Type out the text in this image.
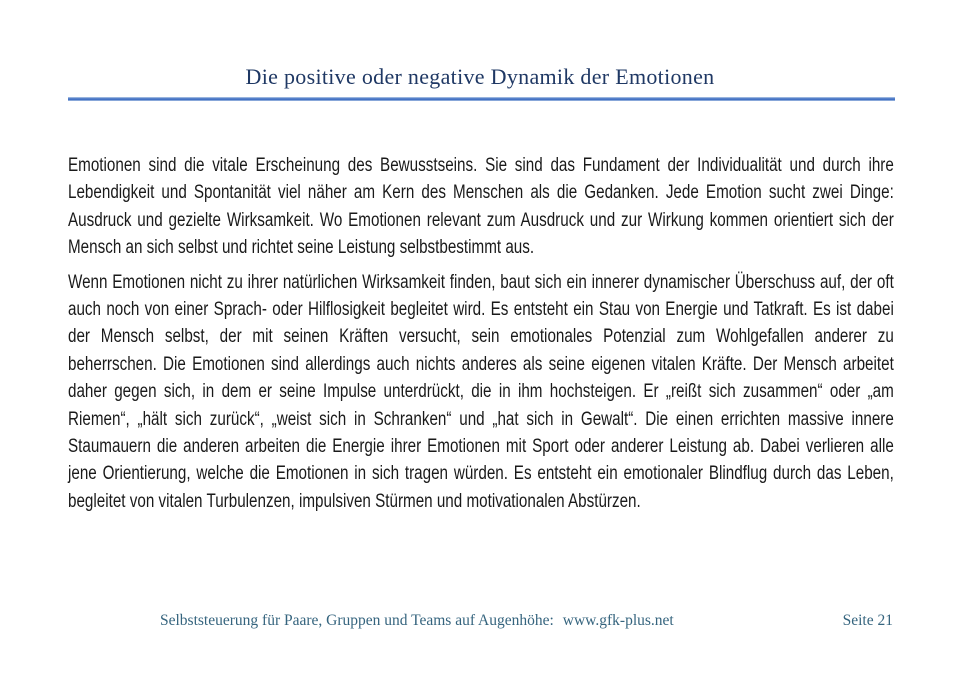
Die positive oder negative Dynamik der Emotionen

Emotionen sind die vitale Erscheinung des Bewusstseins. Sie sind das Fundament der Individualität und durch ihre Lebendigkeit und Spontanität viel näher am Kern des Menschen als die Gedanken. Jede Emotion sucht zwei Dinge: Ausdruck und gezielte Wirksamkeit. Wo Emotionen relevant zum Ausdruck und zur Wirkung kommen orientiert sich der Mensch an sich selbst und richtet seine Leistung selbstbestimmt aus.

Wenn Emotionen nicht zu ihrer natürlichen Wirksamkeit finden, baut sich ein innerer dynamischer Überschuss auf, der oft auch noch von einer Sprach- oder Hilflosigkeit begleitet wird. Es entsteht ein Stau von Energie und Tatkraft. Es ist dabei der Mensch selbst, der mit seinen Kräften versucht, sein emotionales Potenzial zum Wohlgefallen anderer zu beherrschen. Die Emotionen sind allerdings auch nichts anderes als seine eigenen vitalen Kräfte. Der Mensch arbeitet daher gegen sich, in dem er seine Impulse unterdrückt, die in ihm hochsteigen. Er „reißt sich zusammen“ oder „am Riemen“, „hält sich zurück“, „weist sich in Schranken“ und „hat sich in Gewalt“. Die einen errichten massive innere Staumauern die anderen arbeiten die Energie ihrer Emotionen mit Sport oder anderer Leistung ab. Dabei verlieren alle jene Orientierung, welche die Emotionen in sich tragen würden. Es entsteht ein emotionaler Blindflug durch das Leben, begleitet von vitalen Turbulenzen, impulsiven Stürmen und motivationalen Abstürzen.

Selbststeuerung für Paare, Gruppen und Teams auf Augenhöhe: www.gfk-plus.net	Seite 21
